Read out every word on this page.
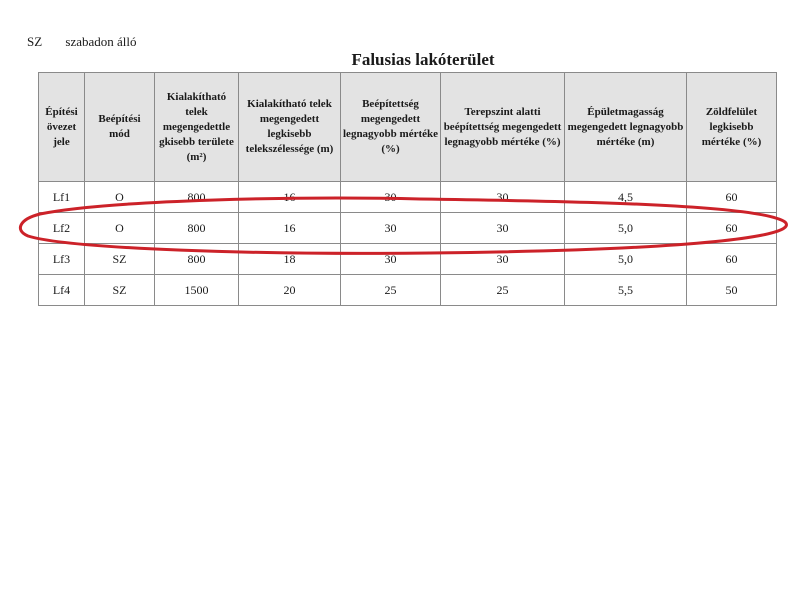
SZ szabadon álló
Falusias lakóterület
Építési övezet jele	Beépítési mód	Kialakítható telek megengedettle gkisebb területe (m²)	Kialakítható telek megengedett legkisebb telekszélessége (m)	Beépítettség megengedett legnagyobb mértéke (%)	Terepszint alatti beépítettség megengedett legnagyobb mértéke (%)	Épületmagasság megengedett legnagyobb mértéke (m)	Zöldfelület legkisebb mértéke (%)
Lf1	O	800	16	30	30	4,5	60
Lf2	O	800	16	30	30	5,0	60
Lf3	SZ	800	18	30	30	5,0	60
Lf4	SZ	1500	20	25	25	5,5	50
